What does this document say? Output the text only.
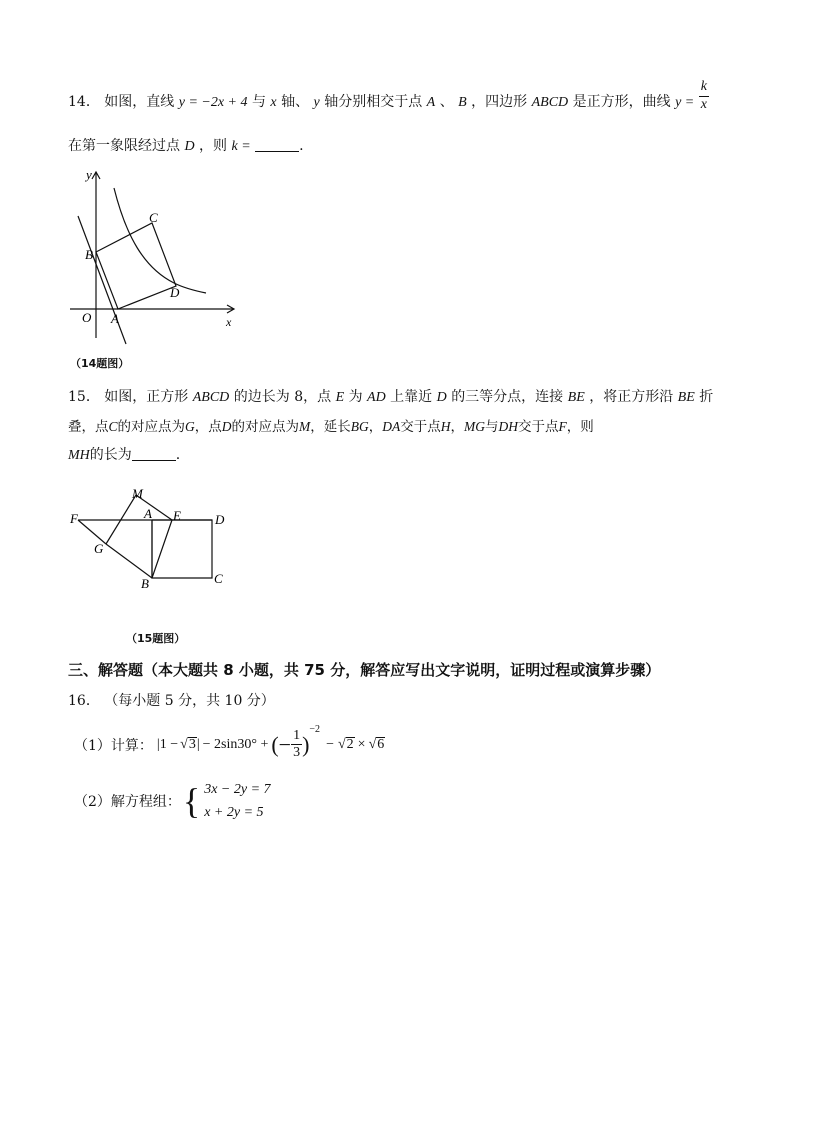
14． 如图，直线 y = −2x + 4 与 x 轴、 y 轴分别相交于点 A 、 B ，四边形 ABCD 是正方形，曲线 $y = \frac{k}{x}$
在第一象限经过点 D ，则 k =	.
y
x
O A
B
C
D
（14题图）
15． 如图，正方形 ABCD 的边长为 8，点 E 为 AD 上靠近 D 的三等分点，连接 BE ，将正方形沿 BE 折
叠，点C的对应点为G，点D的对应点为M，延长BG，DA交于点H，MG与DH交于点F，则
MH的长为	.
M
F	A E	D
G
B	C
（15题图）
三、解答题（本大题共 8 小题，共 75 分，解答应写出文字说明，证明过程或演算步骤）
16． （每小题 5 分，共 10 分）
（1）计算： |1 − √ 3 | − 2sin30° + (− $\frac{1}{3}$ )
−2
− √ 2 × √ 6
（2）解方程组： { 3x − 2y = 7
x + 2y = 5
